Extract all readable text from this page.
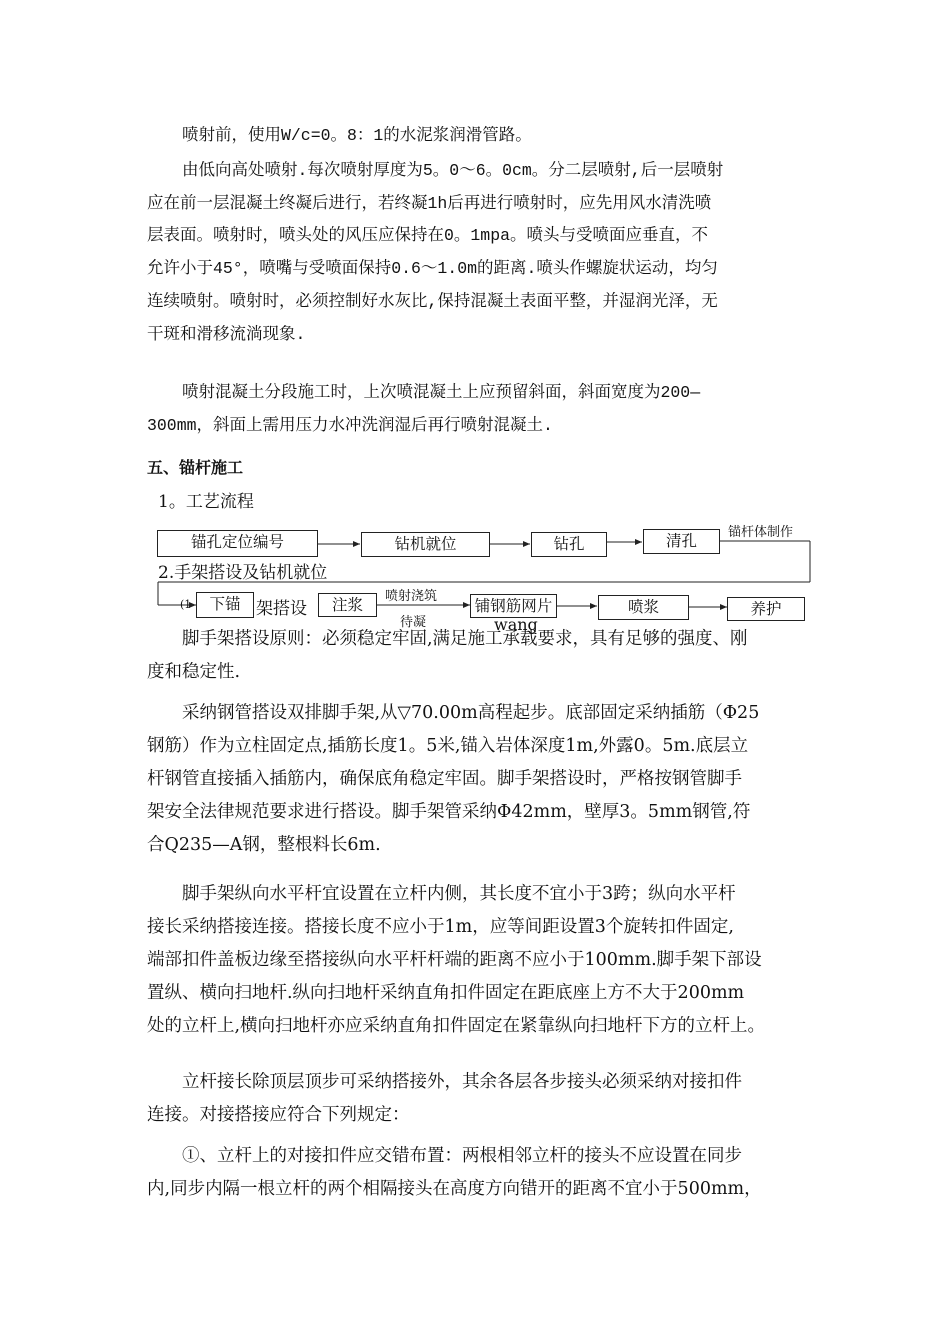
喷射前，使用W/c=0。8：1的水泥浆润滑管路。
由低向高处喷射.每次喷射厚度为5。0～6。0cm。分二层喷射,后一层喷射
应在前一层混凝土终凝后进行，若终凝1h后再进行喷射时，应先用风水清洗喷
层表面。喷射时，喷头处的风压应保持在0。1mpa。喷头与受喷面应垂直，不
允许小于45°，喷嘴与受喷面保持0.6～1.0m的距离.喷头作螺旋状运动，均匀
连续喷射。喷射时，必须控制好水灰比,保持混凝土表面平整，并湿润光泽，无
干斑和滑移流淌现象.
喷射混凝土分段施工时，上次喷混凝土上应预留斜面，斜面宽度为200—
300mm，斜面上需用压力水冲洗润湿后再行喷射混凝土.
五、锚杆施工
1。工艺流程
锚孔定位编号	钻机就位	钻孔	清孔	锚杆体制作
2.手架搭设及钻机就位
(1	架搭设
下锚	注浆	铺钢筋网片	喷浆	养护
喷射浇筑
待凝	wang
脚手架搭设原则：必须稳定牢固,满足施工承载要求，具有足够的强度、刚
度和稳定性.
采纳钢管搭设双排脚手架,从▽70.00m高程起步。底部固定采纳插筋（Φ25
钢筋）作为立柱固定点,插筋长度1。5米,锚入岩体深度1m,外露0。5m.底层立
杆钢管直接插入插筋内，确保底角稳定牢固。脚手架搭设时，严格按钢管脚手
架安全法律规范要求进行搭设。脚手架管采纳Φ42mm，壁厚3。5mm钢管,符
合Q235—A钢，整根料长6m.
脚手架纵向水平杆宜设置在立杆内侧，其长度不宜小于3跨；纵向水平杆
接长采纳搭接连接。搭接长度不应小于1m，应等间距设置3个旋转扣件固定,
端部扣件盖板边缘至搭接纵向水平杆杆端的距离不应小于100mm.脚手架下部设
置纵、横向扫地杆.纵向扫地杆采纳直角扣件固定在距底座上方不大于200mm
处的立杆上,横向扫地杆亦应采纳直角扣件固定在紧靠纵向扫地杆下方的立杆上。
立杆接长除顶层顶步可采纳搭接外，其余各层各步接头必须采纳对接扣件
连接。对接搭接应符合下列规定：
①、立杆上的对接扣件应交错布置：两根相邻立杆的接头不应设置在同步
内,同步内隔一根立杆的两个相隔接头在高度方向错开的距离不宜小于500mm，
